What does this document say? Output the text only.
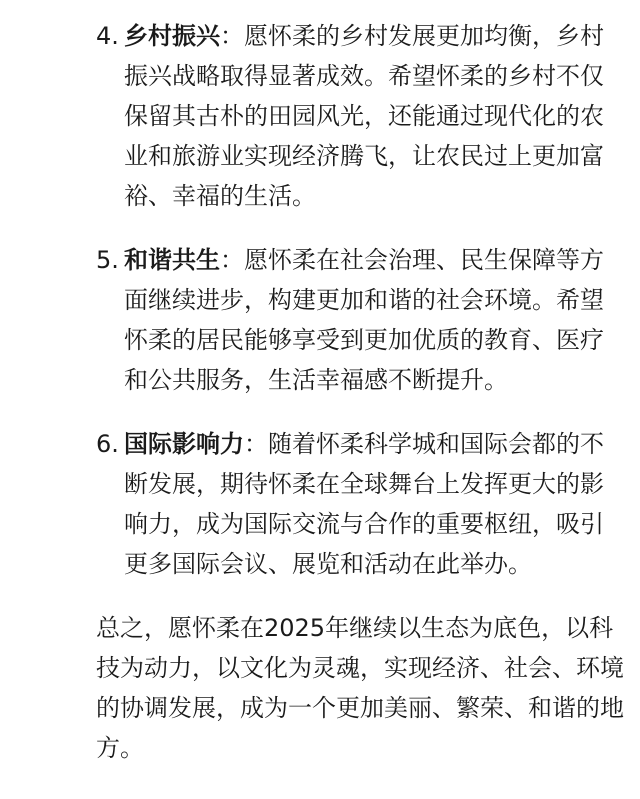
4. 乡村振兴：愿怀柔的乡村发展更加均衡，乡村振兴战略取得显著成效。希望怀柔的乡村不仅保留其古朴的田园风光，还能通过现代化的农业和旅游业实现经济腾飞，让农民过上更加富裕、幸福的生活。
5. 和谐共生：愿怀柔在社会治理、民生保障等方面继续进步，构建更加和谐的社会环境。希望怀柔的居民能够享受到更加优质的教育、医疗和公共服务，生活幸福感不断提升。
6. 国际影响力：随着怀柔科学城和国际会都的不断发展，期待怀柔在全球舞台上发挥更大的影响力，成为国际交流与合作的重要枢纽，吸引更多国际会议、展览和活动在此举办。

总之，愿怀柔在2025年继续以生态为底色，以科技为动力，以文化为灵魂，实现经济、社会、环境的协调发展，成为一个更加美丽、繁荣、和谐的地方。
